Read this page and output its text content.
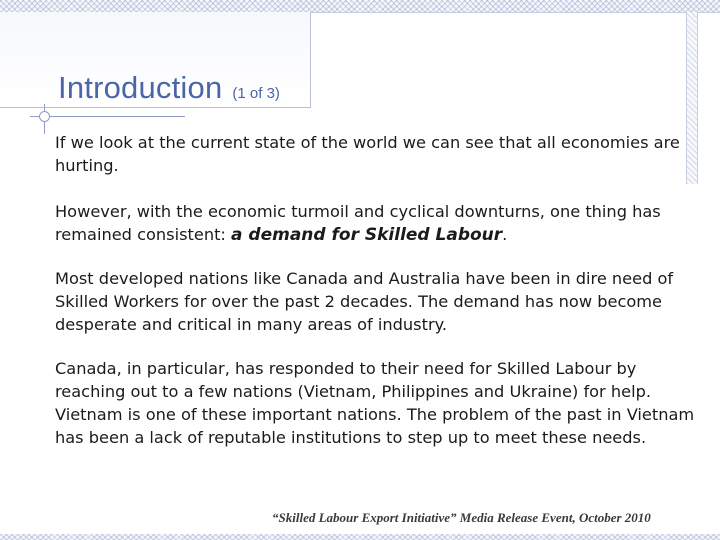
Introduction (1 of 3)
If we look at the current state of the world we can see that all economies are hurting.
However, with the economic turmoil and cyclical downturns, one thing has remained consistent: a demand for Skilled Labour.
Most developed nations like Canada and Australia have been in dire need of Skilled Workers for over the past 2 decades. The demand has now become desperate and critical in many areas of industry.
Canada, in particular, has responded to their need for Skilled Labour by reaching out to a few nations (Vietnam, Philippines and Ukraine) for help. Vietnam is one of these important nations. The problem of the past in Vietnam has been a lack of reputable institutions to step up to meet these needs.
“Skilled Labour Export Initiative” Media Release Event, October 2010
